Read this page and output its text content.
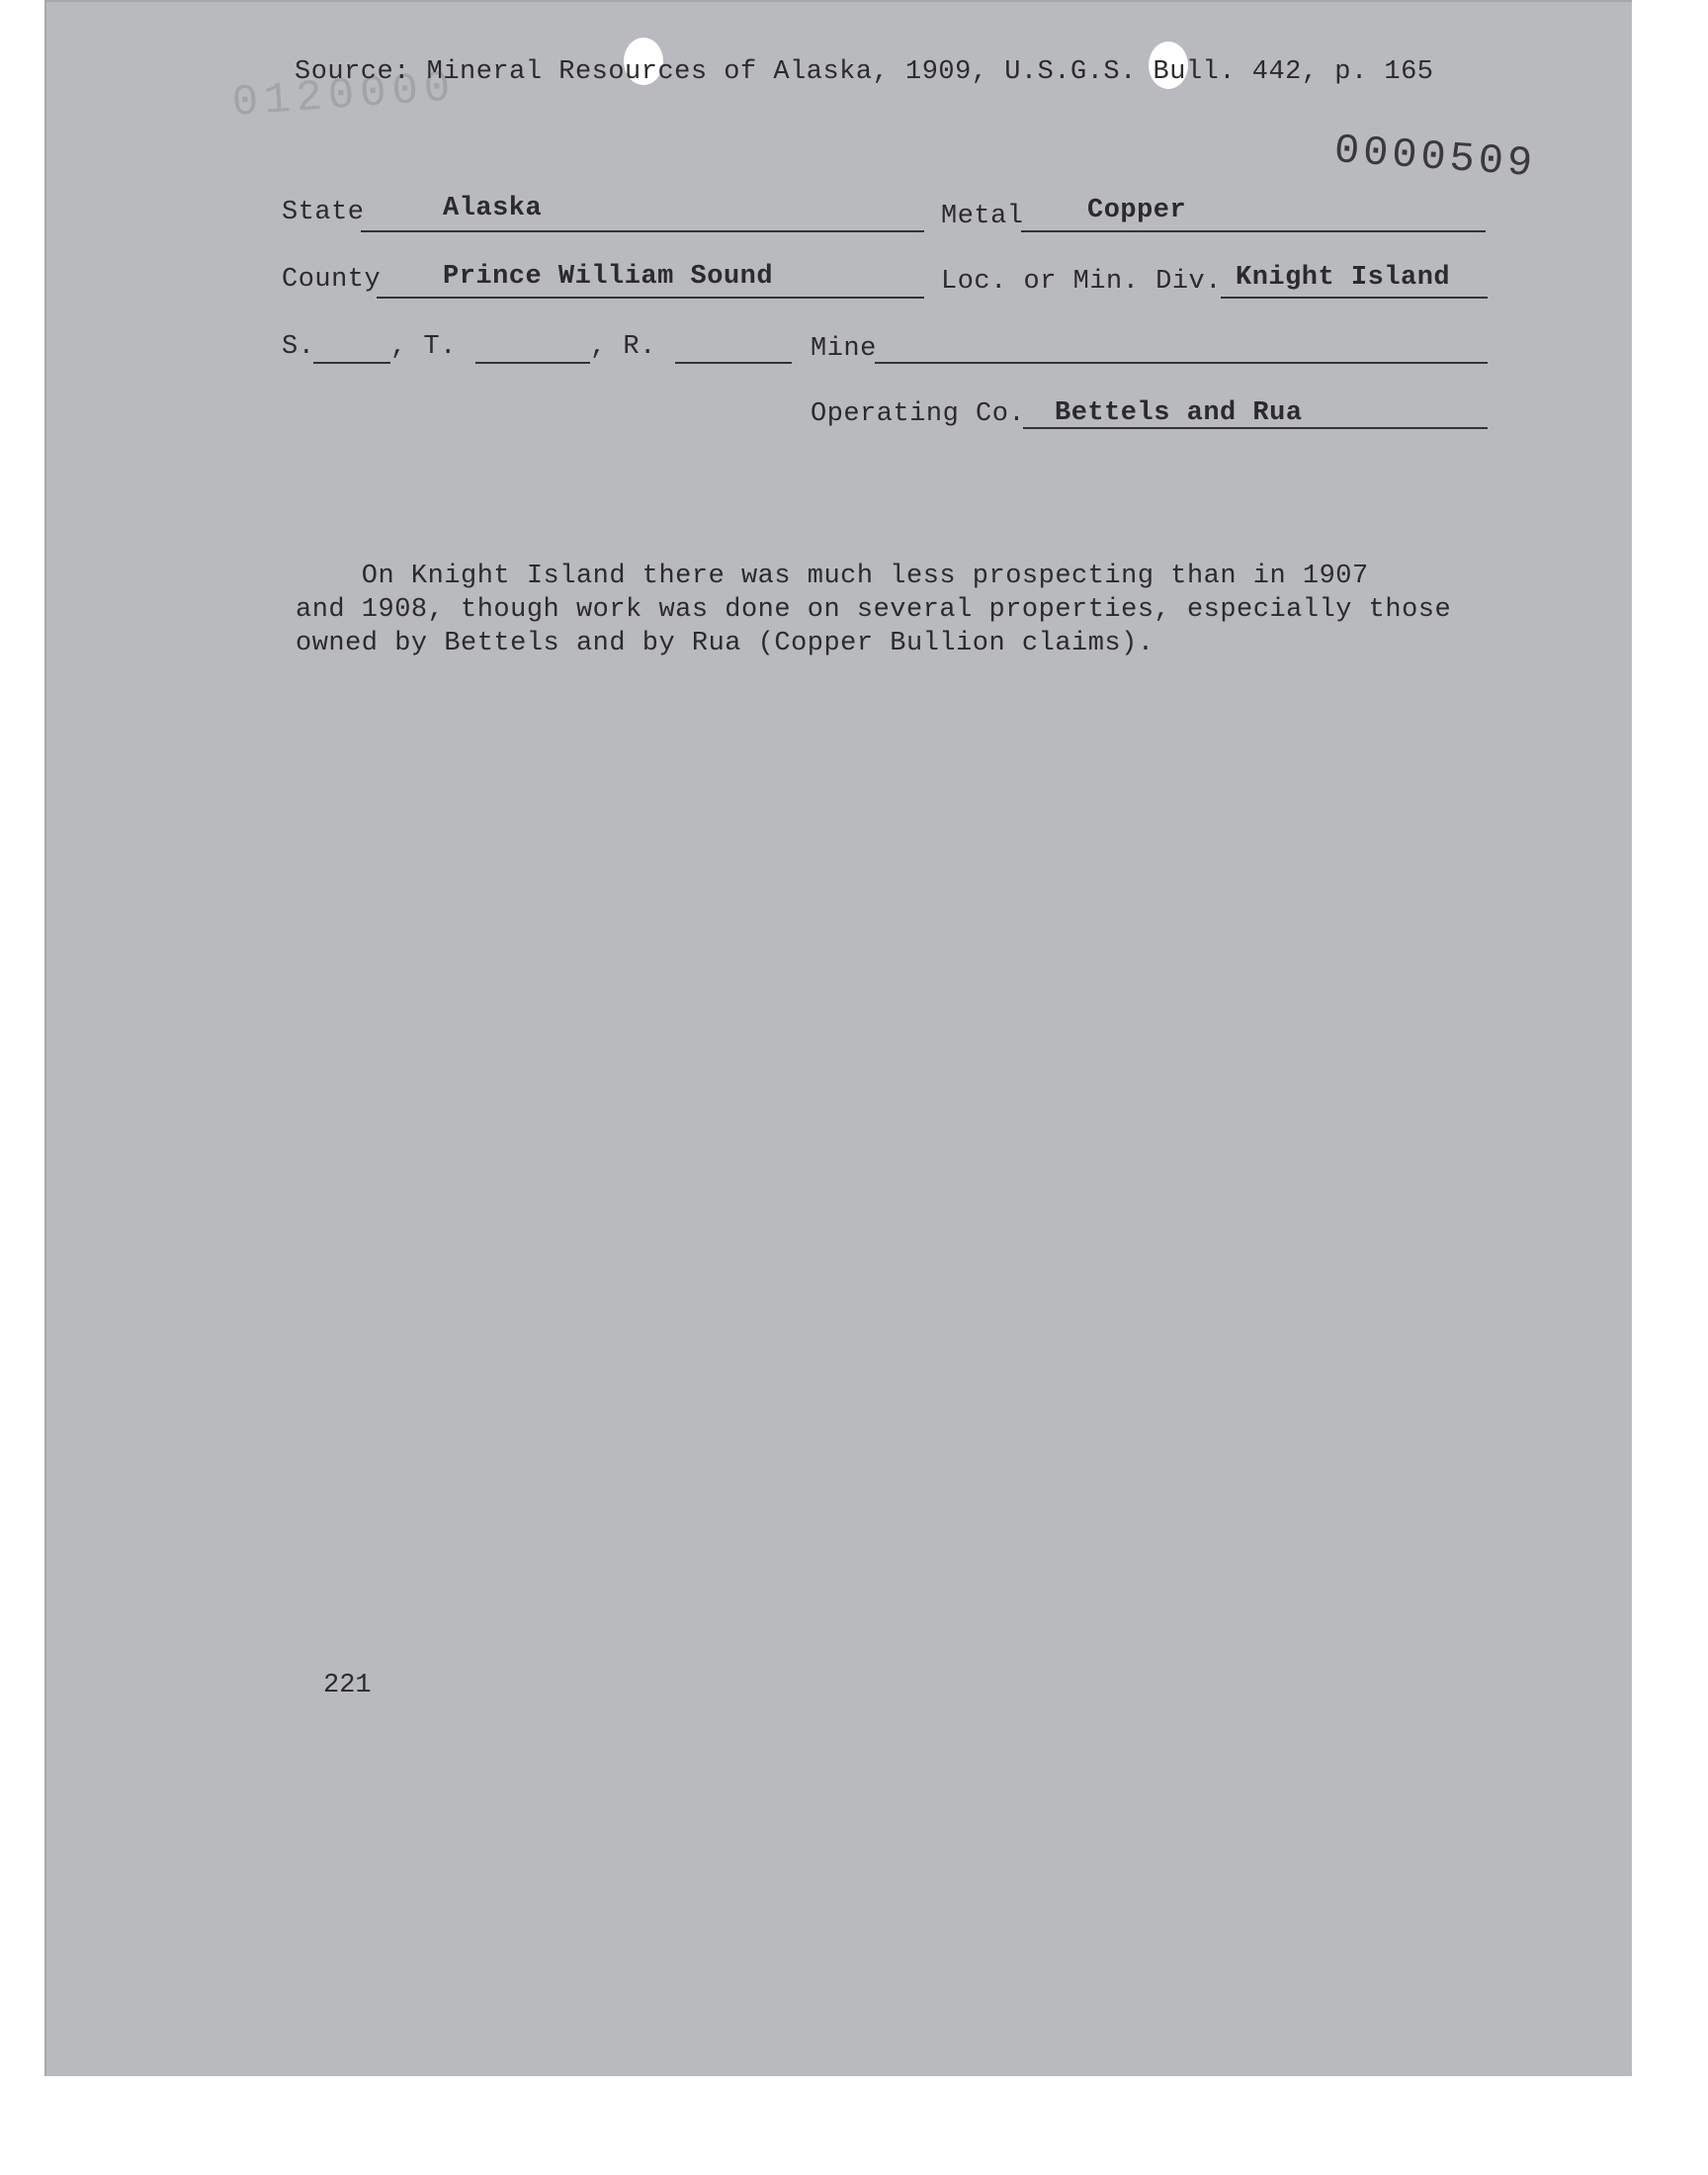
0120000
Source: Mineral Resources of Alaska, 1909, U.S.G.S. Bull. 442, p. 165
0000509
State	Alaska	Metal Copper
County Prince William Sound	Loc. or Min. Div. Knight Island
S.	, T.	, R.	Mine
Operating Co. Bettels and Rua
On Knight Island there was much less prospecting than in 1907
and 1908, though work was done on several properties, especially those
owned by Bettels and by Rua (Copper Bullion claims).
221
